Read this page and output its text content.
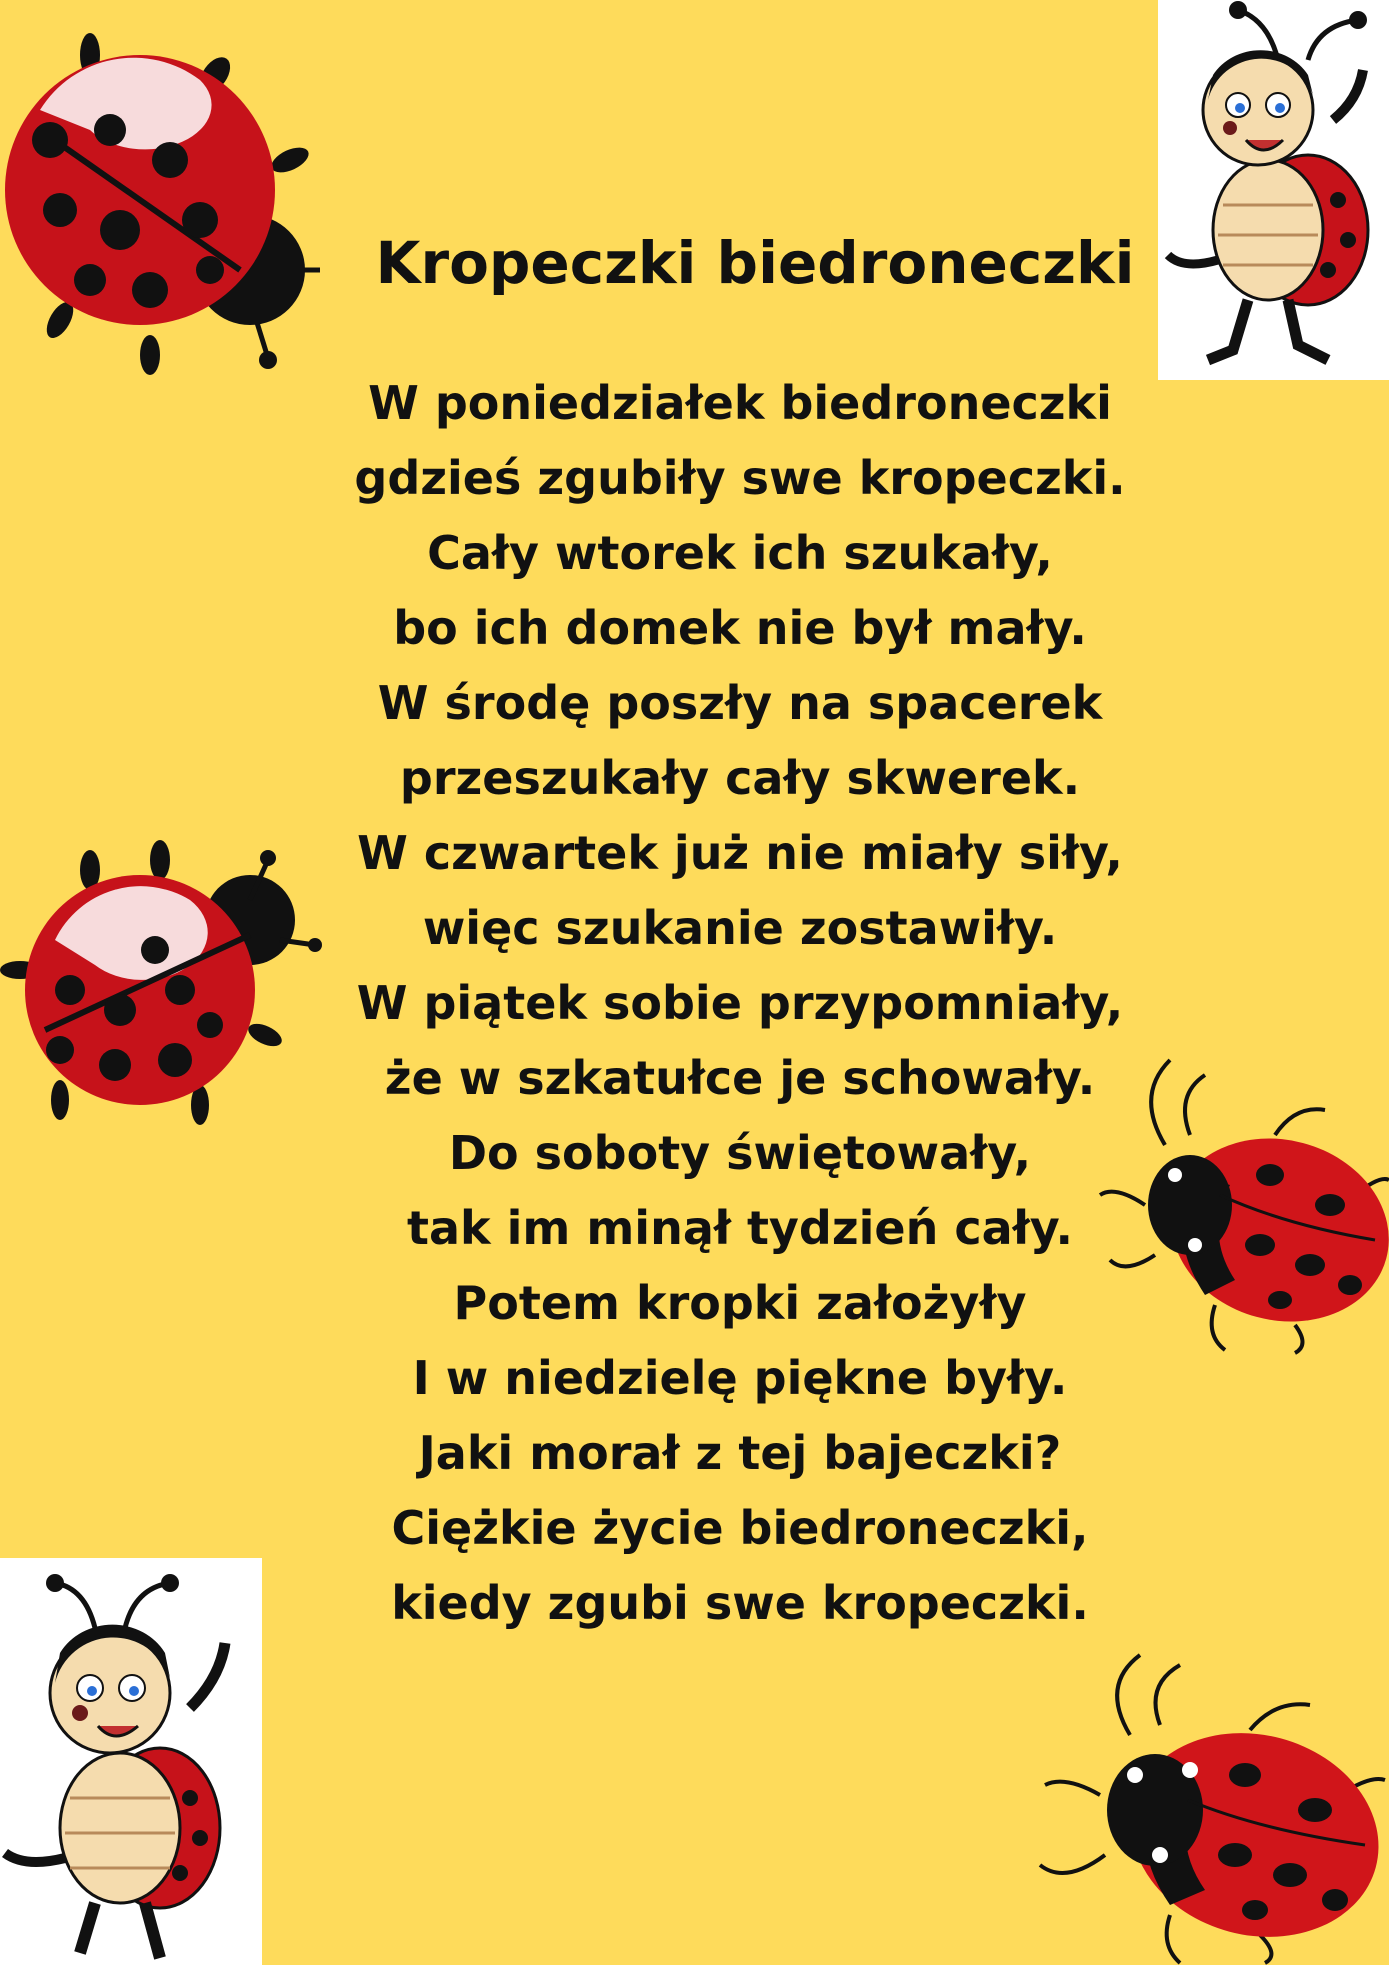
Kropeczki biedroneczki
W poniedziałek biedroneczki
gdzieś zgubiły swe kropeczki.
Cały wtorek ich szukały,
bo ich domek nie był mały.
W środę poszły na spacerek
przeszukały cały skwerek.
W czwartek już nie miały siły,
więc szukanie zostawiły.
W piątek sobie przypomniały,
że w szkatułce je schowały.
Do soboty świętowały,
tak im minął tydzień cały.
Potem kropki założyły
I w niedzielę piękne były.
Jaki morał z tej bajeczki?
Ciężkie życie biedroneczki,
kiedy zgubi swe kropeczki.
